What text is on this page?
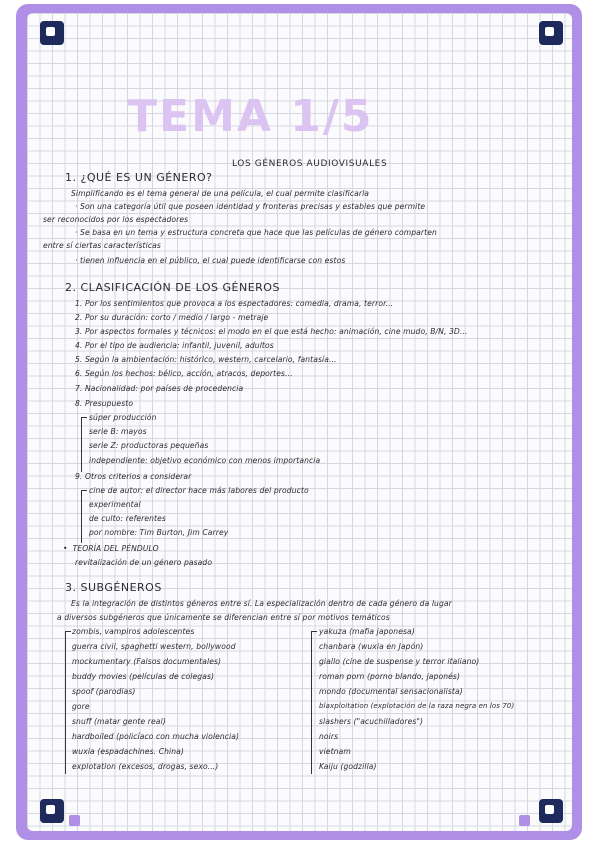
TEMA 1/5
LOS GÉNEROS AUDIOVISUALES
1. ¿QUÉ ES UN GÉNERO?
Simplificando es el tema general de una película, el cual permite clasificarla
· Son una categoría útil que poseen identidad y fronteras precisas y estables que permite
ser reconocidos por los espectadores
· Se basa en un tema y estructura concreta que hace que las películas de género comparten
entre sí ciertas características
· tienen influencia en el público, el cual puede identificarse con estos
2. CLASIFICACIÓN DE LOS GÉNEROS
1. Por los sentimientos que provoca a los espectadores: comedia, drama, terror...
2. Por su duración: corto / medio / largo - metraje
3. Por aspectos formales y técnicos: el modo en el que está hecho: animación, cine mudo, B/N, 3D...
4. Por el tipo de audiencia: infantil, juvenil, adultos
5. Según la ambientación: histórico, western, carcelario, fantasía...
6. Según los hechos: bélico, acción, atracos, deportes...
7. Nacionalidad: por países de procedencia
8. Presupuesto
súper producción
serie B: mayos
serie Z: productoras pequeñas
independiente: objetivo económico con menos importancia
9. Otros criterios a considerar
cine de autor: el director hace más labores del producto
experimental
de culto: referentes
por nombre: Tim Burton, Jim Carrey
• TEORÍA DEL PÉNDULO
revitalización de un género pasado
3. SUBGÉNEROS
Es la integración de distintos géneros entre sí. La especialización dentro de cada género da lugar
a diversos subgéneros que únicamente se diferencian entre sí por motivos temáticos
zombis, vampiros adolescentes
guerra civil, spaghetti western, bollywood
mockumentary (Falsos documentales)
buddy movies (películas de colegas)
spoof (parodias)
gore
snuff (matar gente real)
hardboiled (policíaco con mucha violencia)
wuxia (espadachines. China)
explotation (excesos, drogas, sexo...)
yakuza (mafia japonesa)
chanbara (wuxia en Japón)
giallo (cine de suspense y terror italiano)
roman porn (porno blando, japonés)
mondo (documental sensacionalista)
blaxploitation (explotación de la raza negra en los 70)
slashers ("acuchilladores")
noirs
vietnam
Kaiju (godzilla)
